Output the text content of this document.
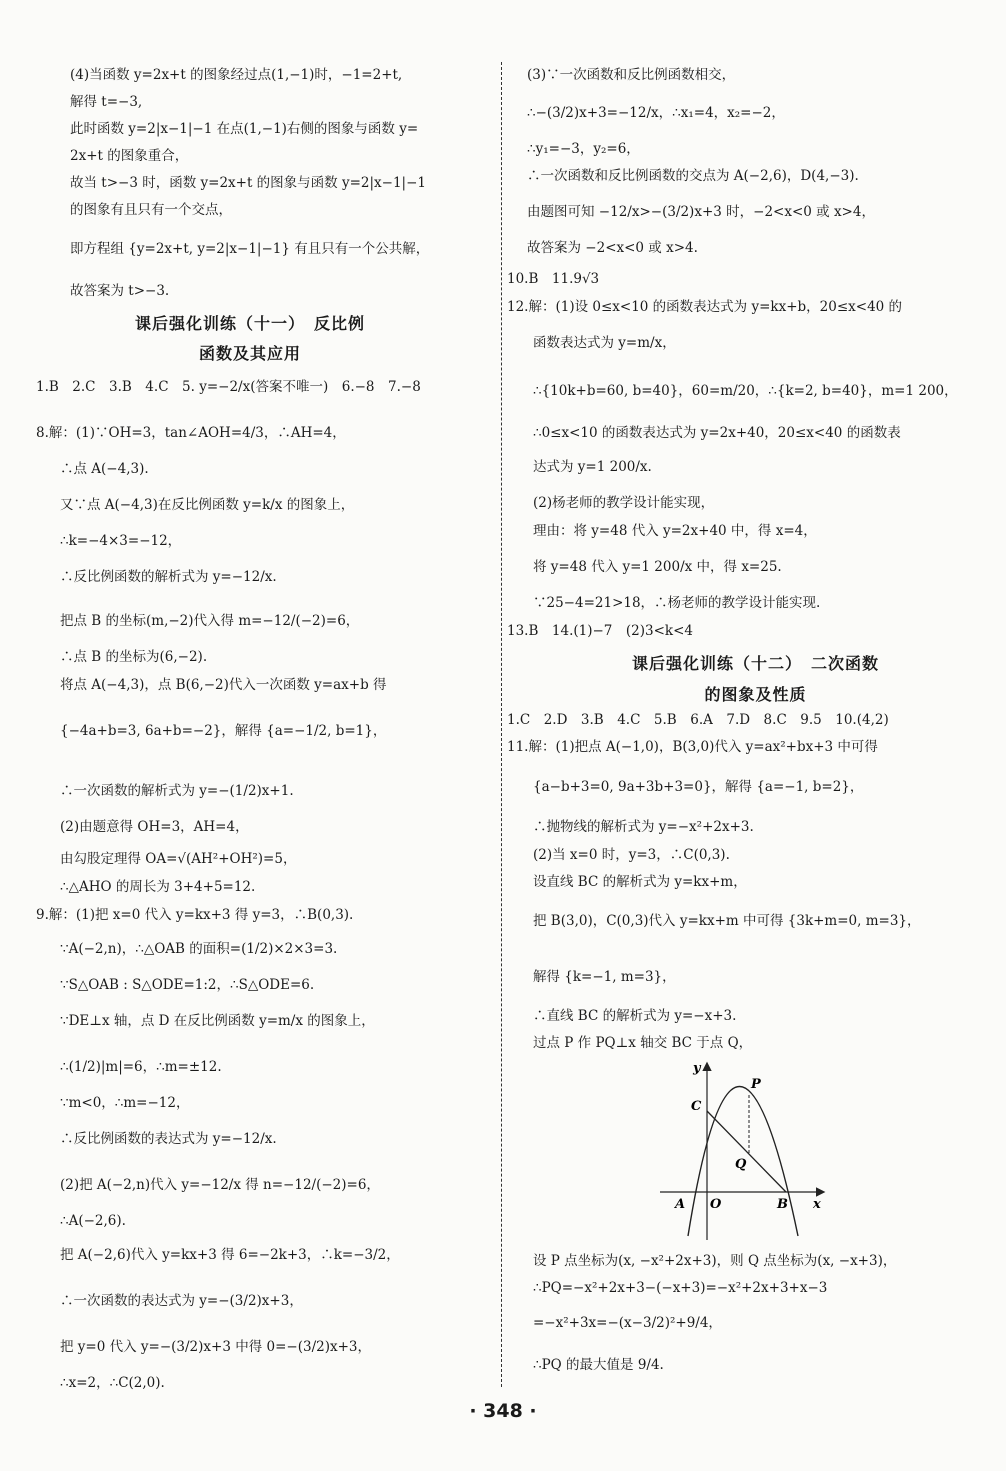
(4)当函数 y=2x+t 的图象经过点(1,−1)时，−1=2+t,
解得 t=−3,
此时函数 y=2|x−1|−1 在点(1,−1)右侧的图象与函数 y=
2x+t 的图象重合，
故当 t>−3 时，函数 y=2x+t 的图象与函数 y=2|x−1|−1
的图象有且只有一个交点，
即方程组 {y=2x+t, y=2|x−1|−1} 有且只有一个公共解，
故答案为 t>−3.
课后强化训练（十一）　反比例
函数及其应用
1.B　2.C　3.B　4.C　5. y=−2/x(答案不唯一)　6.−8　7.−8
8.解：(1)∵OH=3，tan∠AOH=4/3，∴AH=4，
∴点 A(−4,3).
又∵点 A(−4,3)在反比例函数 y=k/x 的图象上，
∴k=−4×3=−12，
∴反比例函数的解析式为 y=−12/x.
把点 B 的坐标(m,−2)代入得 m=−12/(−2)=6，
∴点 B 的坐标为(6,−2).
将点 A(−4,3)，点 B(6,−2)代入一次函数 y=ax+b 得
{−4a+b=3, 6a+b=−2}，解得 {a=−1/2, b=1}，
∴一次函数的解析式为 y=−(1/2)x+1.
(2)由题意得 OH=3，AH=4，
由勾股定理得 OA=√(AH²+OH²)=5，
∴△AHO 的周长为 3+4+5=12.
9.解：(1)把 x=0 代入 y=kx+3 得 y=3，∴B(0,3).
∵A(−2,n)，∴△OAB 的面积=(1/2)×2×3=3.
∵S△OAB : S△ODE=1:2，∴S△ODE=6.
∵DE⊥x 轴，点 D 在反比例函数 y=m/x 的图象上，
∴(1/2)|m|=6，∴m=±12.
∵m<0，∴m=−12，
∴反比例函数的表达式为 y=−12/x.
(2)把 A(−2,n)代入 y=−12/x 得 n=−12/(−2)=6，
∴A(−2,6).
把 A(−2,6)代入 y=kx+3 得 6=−2k+3，∴k=−3/2，
∴一次函数的表达式为 y=−(3/2)x+3，
把 y=0 代入 y=−(3/2)x+3 中得 0=−(3/2)x+3，
∴x=2，∴C(2,0).
(3)∵一次函数和反比例函数相交，
∴−(3/2)x+3=−12/x，∴x₁=4，x₂=−2，
∴y₁=−3，y₂=6，
∴一次函数和反比例函数的交点为 A(−2,6)，D(4,−3).
由题图可知 −12/x>−(3/2)x+3 时，−2<x<0 或 x>4，
故答案为 −2<x<0 或 x>4.
10.B　11.9√3
12.解：(1)设 0≤x<10 的函数表达式为 y=kx+b，20≤x<40 的
函数表达式为 y=m/x，
∴{10k+b=60, b=40}，60=m/20，∴{k=2, b=40}，m=1 200，
∴0≤x<10 的函数表达式为 y=2x+40，20≤x<40 的函数表
达式为 y=1 200/x.
(2)杨老师的教学设计能实现，
理由：将 y=48 代入 y=2x+40 中，得 x=4，
将 y=48 代入 y=1 200/x 中，得 x=25.
∵25−4=21>18，∴杨老师的教学设计能实现.
13.B　14.(1)−7　(2)3<k<4
课后强化训练（十二）　二次函数
的图象及性质
1.C　2.D　3.B　4.C　5.B　6.A　7.D　8.C　9.5　10.(4,2)
11.解：(1)把点 A(−1,0)，B(3,0)代入 y=ax²+bx+3 中可得
{a−b+3=0, 9a+3b+3=0}，解得 {a=−1, b=2}，
∴抛物线的解析式为 y=−x²+2x+3.
(2)当 x=0 时，y=3，∴C(0,3).
设直线 BC 的解析式为 y=kx+m，
把 B(3,0)，C(0,3)代入 y=kx+m 中可得 {3k+m=0, m=3}，
解得 {k=−1, m=3}，
∴直线 BC 的解析式为 y=−x+3.
过点 P 作 PQ⊥x 轴交 BC 于点 Q，
设 P 点坐标为(x, −x²+2x+3)，则 Q 点坐标为(x, −x+3)，
∴PQ=−x²+2x+3−(−x+3)=−x²+2x+3+x−3
=−x²+3x=−(x−3/2)²+9/4，
∴PQ 的最大值是 9/4.
y
x
A O	B
C
P
Q
· 348 ·
